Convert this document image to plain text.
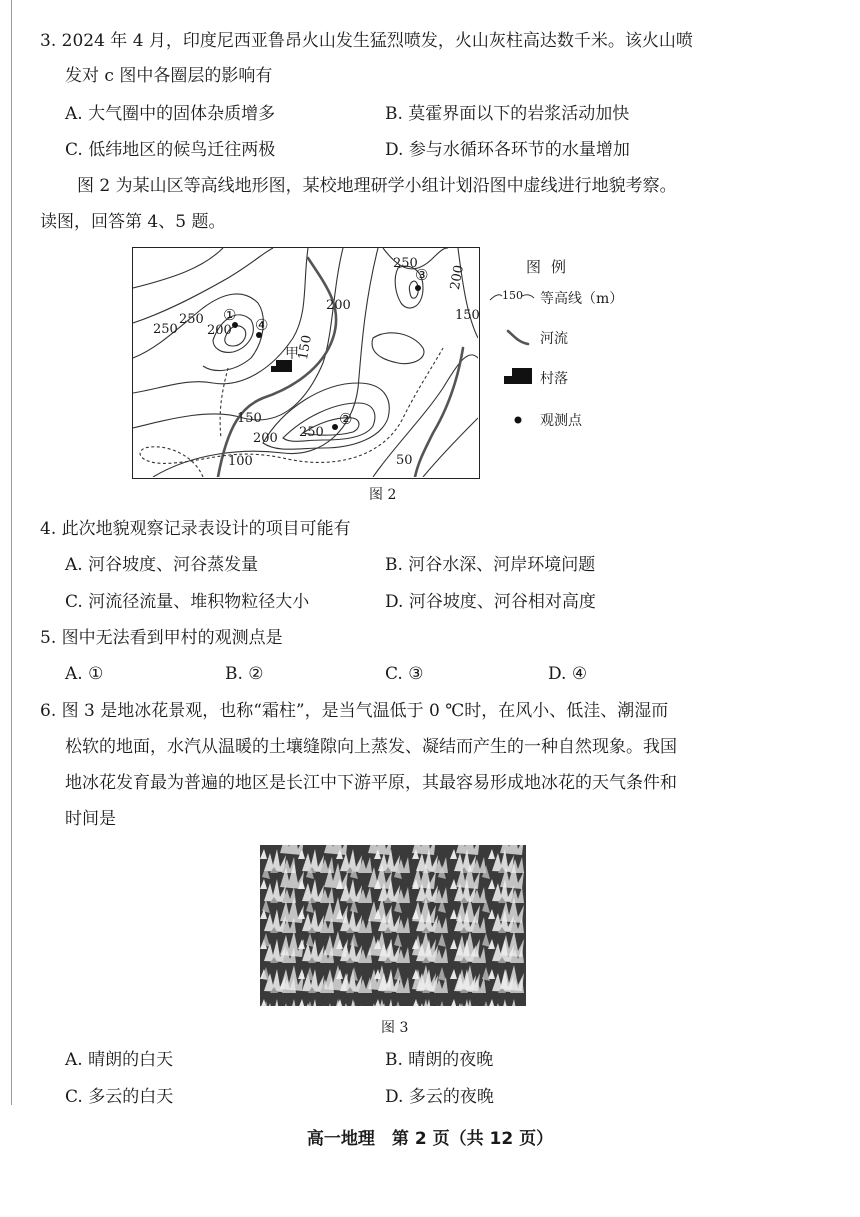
3. 2024 年 4 月，印度尼西亚鲁昂火山发生猛烈喷发，火山灰柱高达数千米。该火山喷
发对 c 图中各圈层的影响有
A. 大气圈中的固体杂质增多	B. 莫霍界面以下的岩浆活动加快
C. 低纬地区的候鸟迁往两极	D. 参与水循环各环节的水量增加
图 2 为某山区等高线地形图，某校地理研学小组计划沿图中虚线进行地貌考察。
读图，回答第 4、5 题。
250
200
150
200
250
250 200
150
150
200 250
100	50
①
④
②
③
甲
图例
150 等高线（m）
河流
村落
观测点
图 2
4. 此次地貌观察记录表设计的项目可能有
A. 河谷坡度、河谷蒸发量	B. 河谷水深、河岸环境问题
C. 河流径流量、堆积物粒径大小	D. 河谷坡度、河谷相对高度
5. 图中无法看到甲村的观测点是
A. ①	B. ②	C. ③	D. ④
6. 图 3 是地冰花景观，也称“霜柱”，是当气温低于 0 ℃时，在风小、低洼、潮湿而
松软的地面，水汽从温暖的土壤缝隙向上蒸发、凝结而产生的一种自然现象。我国
地冰花发育最为普遍的地区是长江中下游平原，其最容易形成地冰花的天气条件和
时间是
图 3
A. 晴朗的白天	B. 晴朗的夜晚
C. 多云的白天	D. 多云的夜晚
高一地理　第 2 页（共 12 页）
